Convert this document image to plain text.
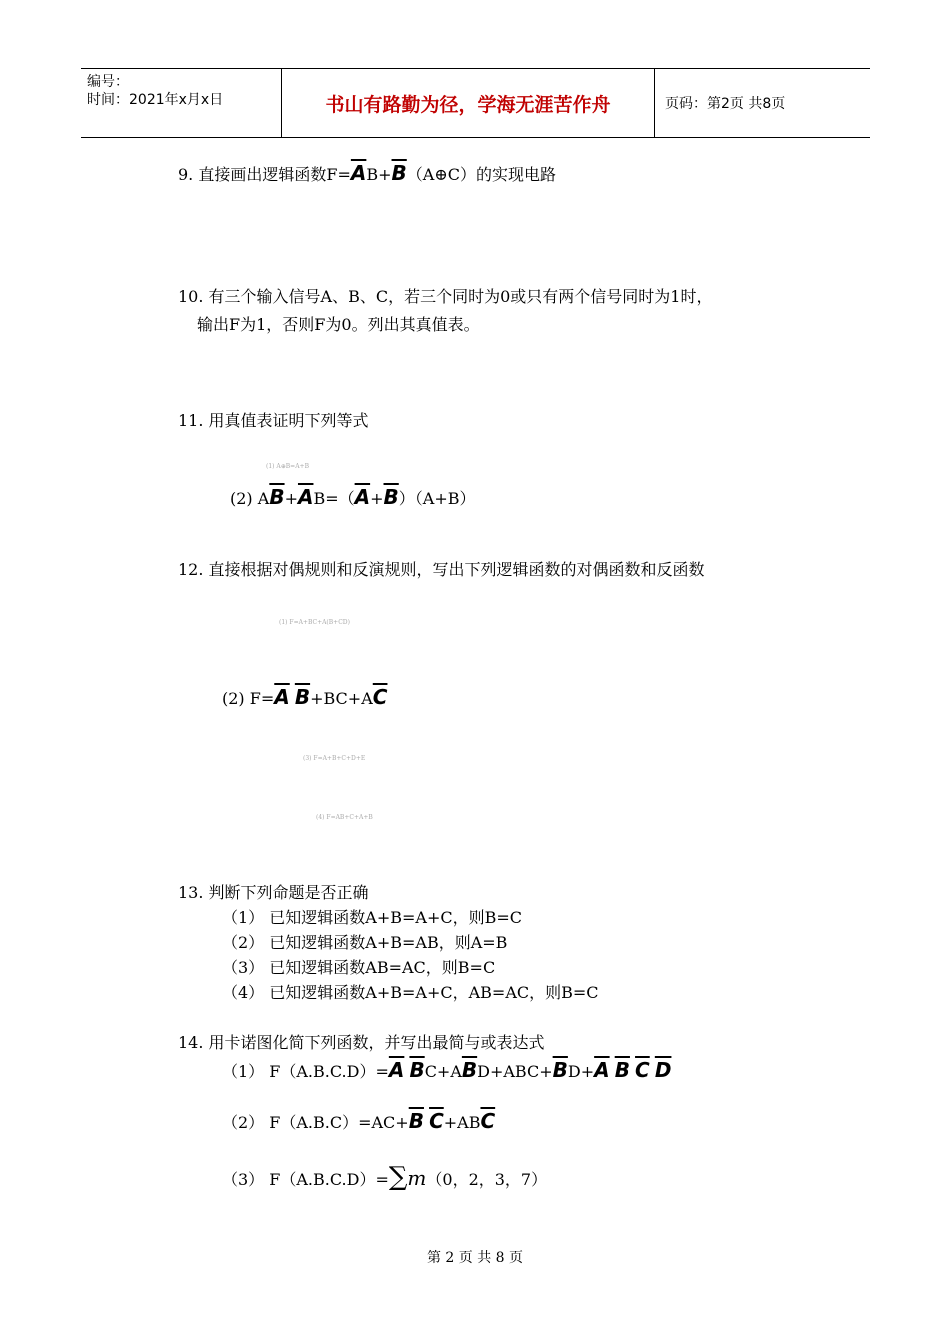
编号：
时间：2021年x月x日	书山有路勤为径，学海无涯苦作舟	页码：第2页 共8页
9. 直接画出逻辑函数$F=\overline{A}B+\overline{B}(A\oplus C)$的实现电路
10. 有三个输入信号A、B、C，若三个同时为0或只有两个信号同时为1时，
输出F为1，否则F为0。列出其真值表。
11. 用真值表证明下列等式
(1) A⊕B=A+B
(2) $A\overline{B}+\overline{A}B=(\overline{A}+\overline{B})(A+B)$
12. 直接根据对偶规则和反演规则，写出下列逻辑函数的对偶函数和反函数
(1) F=A+BC+A(B+CD)
(2) $F=\overline{A}$ $\overline{B}+BC+A\overline{C}$
(3) F=A+B+C+D+E
(4) F=AB+C+A+B
13. 判断下列命题是否正确
（1） 已知逻辑函数A+B=A+C，则B=C
（2） 已知逻辑函数A+B=AB，则A=B
（3） 已知逻辑函数AB=AC，则B=C
（4） 已知逻辑函数A+B=A+C，AB=AC，则B=C
14. 用卡诺图化简下列函数，并写出最简与或表达式
（1） $F(A.B.C.D)=\overline{A}$ $\overline{B}C+A\overline{B}D+ABC+\overline{B}D+\overline{A}$ $\overline{B}$ $\overline{C}$ $\overline{D}$
（2） $F(A.B.C)=AC+\overline{B}$ $\overline{C}+AB\overline{C}$
（3） F（A.B.C.D）=∑m（0，2，3，7）
第 2 页 共 8 页
